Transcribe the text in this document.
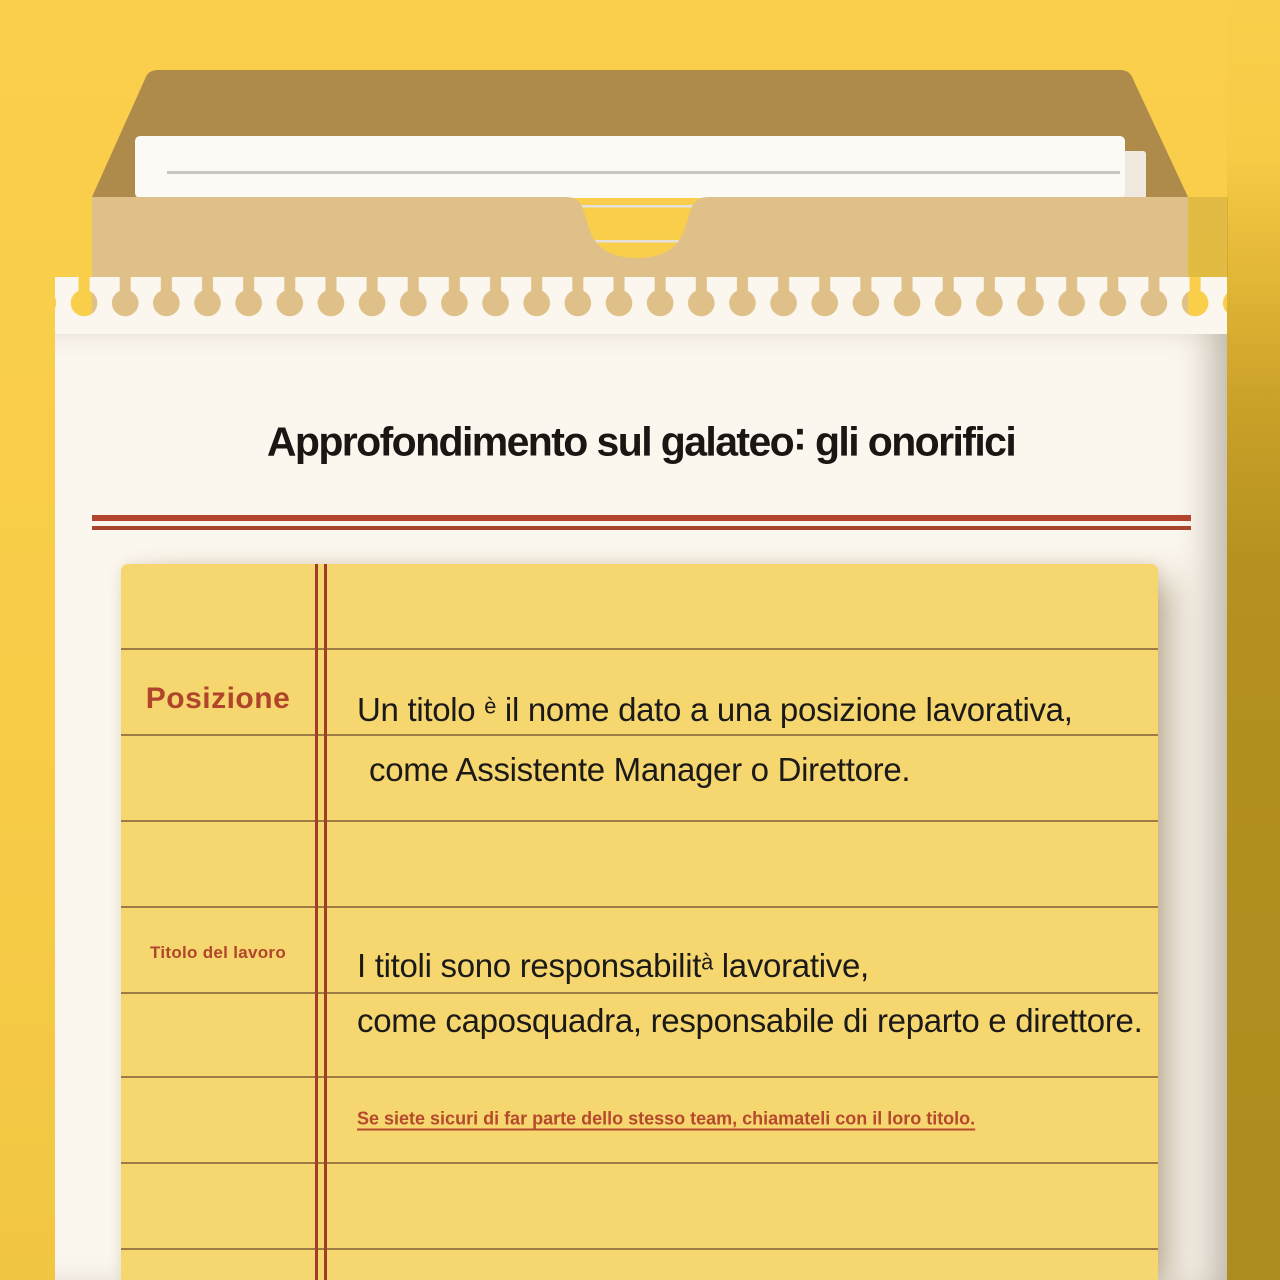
Approfondimento sul galateo: gli onorifici
Posizione
Titolo del lavoro
Un titolo $^è$ il nome dato a una posizione lavorativa,
come Assistente Manager o Direttore.
I titoli sono responsabilit$^à$ lavorative,
come caposquadra, responsabile di reparto e direttore.
Se siete sicuri di far parte dello stesso team, chiamateli con il loro titolo.
